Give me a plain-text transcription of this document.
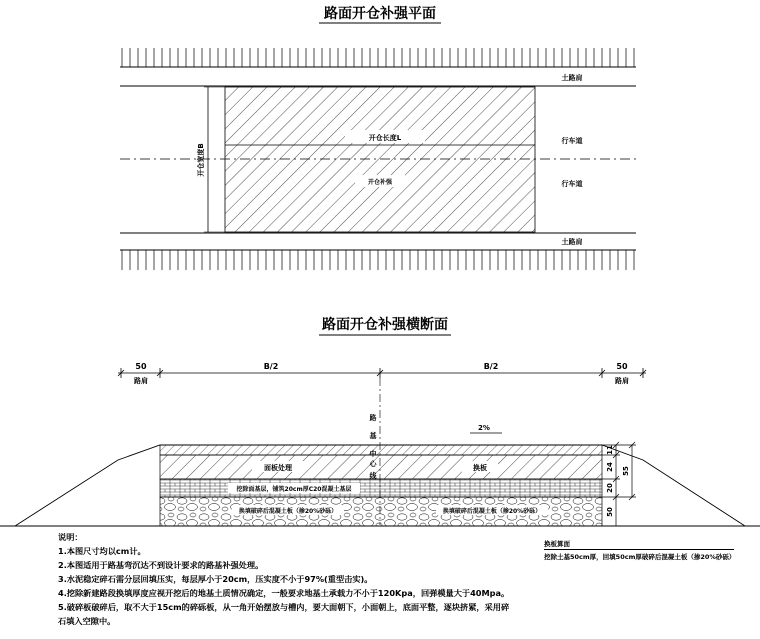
路面开仓补强平面
开仓长度L
开仓补强
开仓宽度B
土路肩
行车道
行车道
土路肩
路面开仓补强横断面
50	B/2	B/2	50
路肩	路肩
路
基
2%
面板处理	换板
挖除面基层，铺筑20cm厚C20混凝土基层
换填破碎后混凝土板（掺20%砂砾）	换填破碎后混凝土板（掺20%砂砾）
11
24
20
50
55
说明：
1.本图尺寸均以cm计。
2.本图适用于路基弯沉达不到设计要求的路基补强处理。
3.水泥稳定碎石需分层回填压实，每层厚小于20cm，压实度不小于97%(重型击实)。
4.挖除新建路段换填厚度应视开挖后的地基土质情况确定，一般要求地基土承载力不小于120Kpa，回弹模量大于40Mpa。
5.破碎板破碎后，取不大于15cm的碎砾板，从一角开始摆放与槽内，要大面朝下，小面朝上，底面平整，逐块挤紧，采用碎
石填入空隙中。
换板算面
挖除土基50cm厚，回填50cm厚破碎后混凝土板（掺20%砂砾）
